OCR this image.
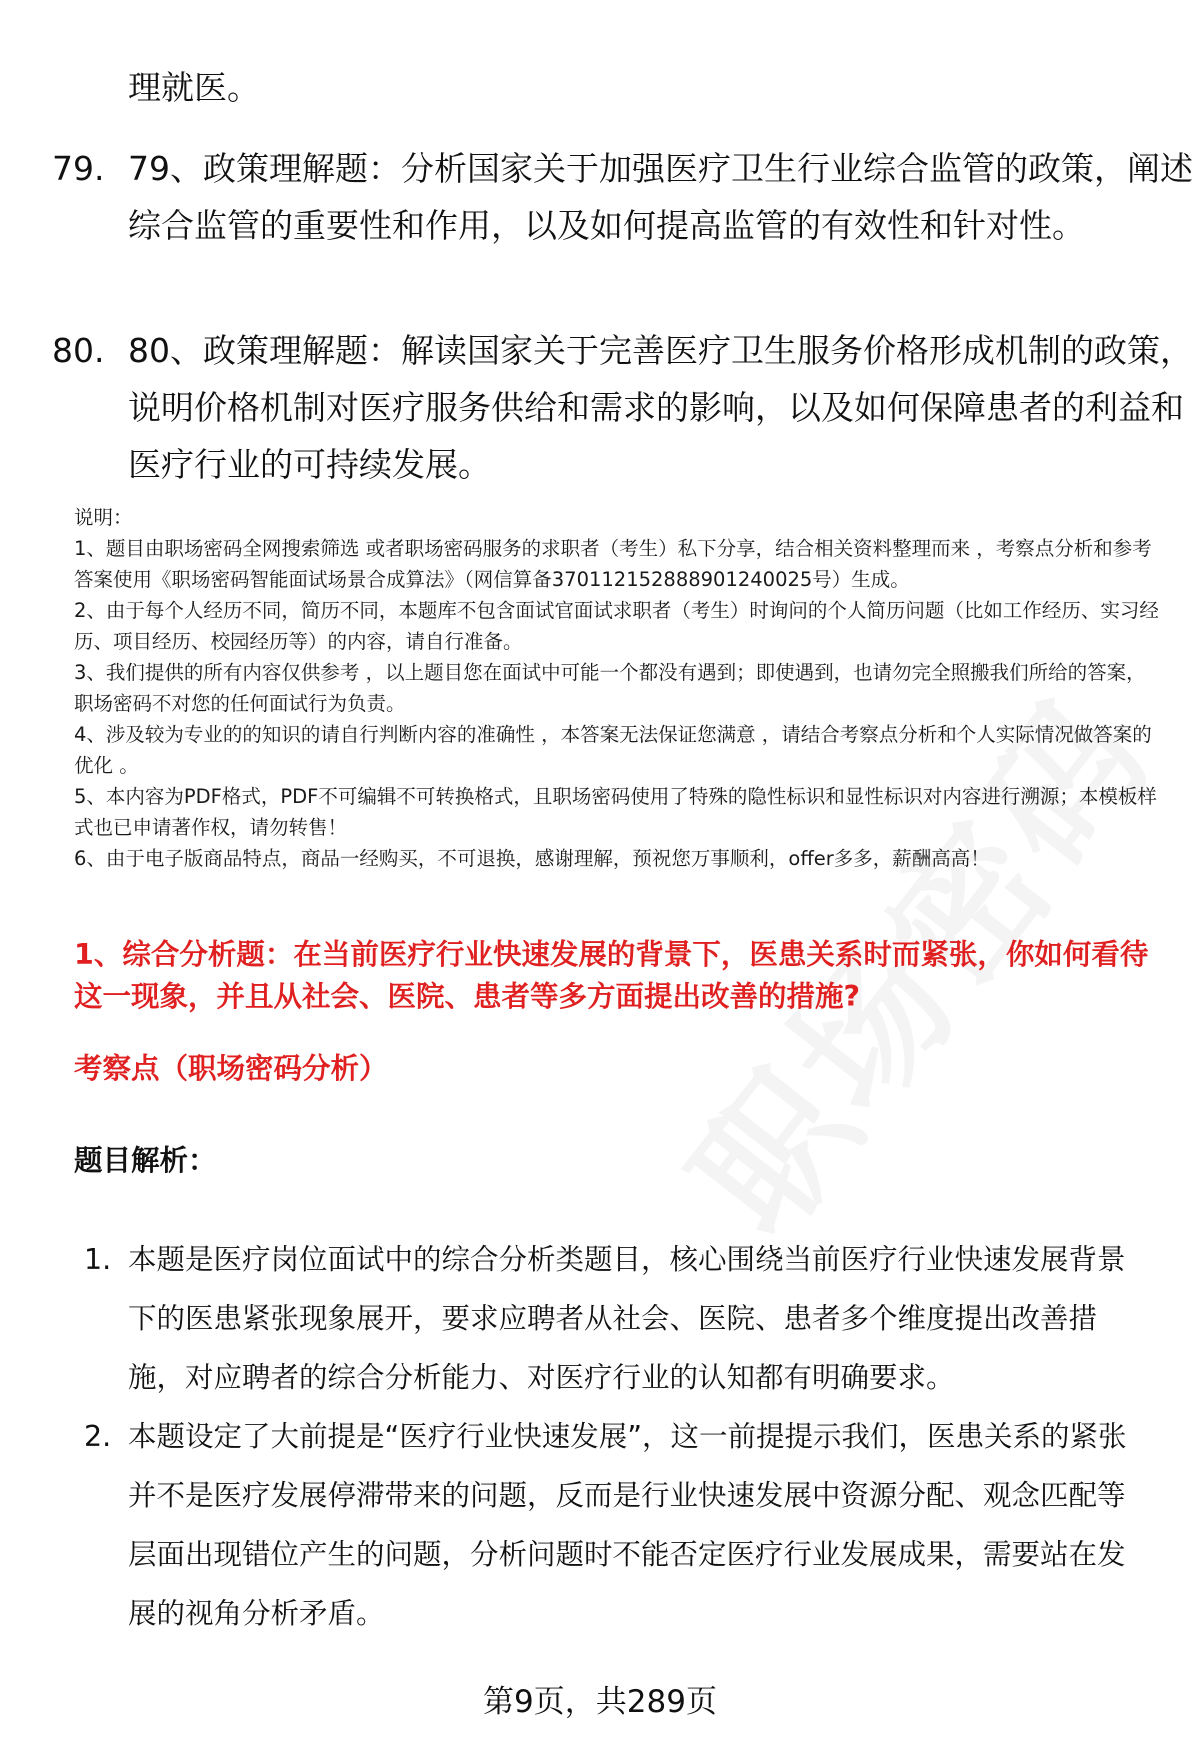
理就医。
79. 79、政策理解题：分析国家关于加强医疗卫生行业综合监管的政策，阐述综合监管的重要性和作用，以及如何提高监管的有效性和针对性。
80. 80、政策理解题：解读国家关于完善医疗卫生服务价格形成机制的政策，说明价格机制对医疗服务供给和需求的影响，以及如何保障患者的利益和医疗行业的可持续发展。

说明：

1、题目由职场密码全网搜索筛选 或者职场密码服务的求职者（考生）私下分享，结合相关资料整理而来 ，考察点分析和参考答案使用《职场密码智能面试场景合成算法》（网信算备370112152888901240025号）生成。

2、由于每个人经历不同，简历不同，本题库不包含面试官面试求职者（考生）时询问的个人简历问题（比如工作经历、实习经历、项目经历、校园经历等）的内容，请自行准备。

3、我们提供的所有内容仅供参考 ，以上题目您在面试中可能一个都没有遇到；即使遇到，也请勿完全照搬我们所给的答案，职场密码不对您的任何面试行为负责。

4、涉及较为专业的的知识的请自行判断内容的准确性 ，本答案无法保证您满意 ，请结合考察点分析和个人实际情况做答案的优化 。

5、本内容为PDF格式，PDF不可编辑不可转换格式，且职场密码使用了特殊的隐性标识和显性标识对内容进行溯源；本模板样式也已申请著作权，请勿转售！

6、由于电子版商品特点，商品一经购买，不可退换，感谢理解，预祝您万事顺利，offer多多，薪酬高高！

1、综合分析题：在当前医疗行业快速发展的背景下，医患关系时而紧张，你如何看待这一现象，并且从社会、医院、患者等多方面提出改善的措施?
考察点（职场密码分析）
题目解析：
1. 本题是医疗岗位面试中的综合分析类题目，核心围绕当前医疗行业快速发展背景下的医患紧张现象展开，要求应聘者从社会、医院、患者多个维度提出改善措施，对应聘者的综合分析能力、对医疗行业的认知都有明确要求。
2. 本题设定了大前提是“医疗行业快速发展”，这一前提提示我们，医患关系的紧张并不是医疗发展停滞带来的问题，反而是行业快速发展中资源分配、观念匹配等层面出现错位产生的问题，分析问题时不能否定医疗行业发展成果，需要站在发展的视角分析矛盾。
第9页，共289页
